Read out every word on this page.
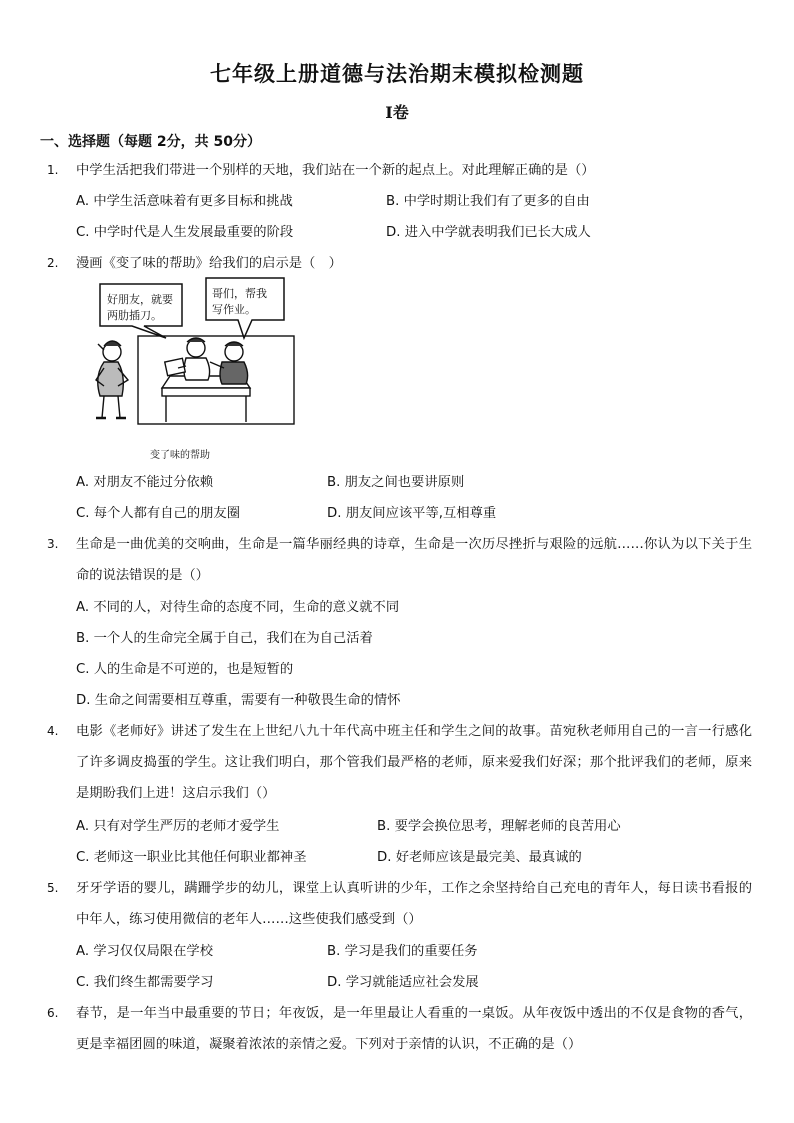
七年级上册道德与法治期末模拟检测题
Ⅰ卷
一、选择题（每题 2分，共 50分）
1. 中学生活把我们带进一个别样的天地，我们站在一个新的起点上。对此理解正确的是（）
A. 中学生活意味着有更多目标和挑战	B. 中学时期让我们有了更多的自由
C. 中学时代是人生发展最重要的阶段	D. 进入中学就表明我们已长大成人
2. 漫画《变了味的帮助》给我们的启示是（　）
好朋友，就要
两肋插刀。
哥们，帮我
写作业。
变了味的帮助
A. 对朋友不能过分依赖	B. 朋友之间也要讲原则
C. 每个人都有自己的朋友圈	D. 朋友间应该平等,互相尊重
3. 生命是一曲优美的交响曲，生命是一篇华丽经典的诗章，生命是一次历尽挫折与艰险的远航……你认为以下关于生命的说法错误的是（）
A. 不同的人，对待生命的态度不同，生命的意义就不同
B. 一个人的生命完全属于自己，我们在为自己活着
C. 人的生命是不可逆的，也是短暂的
D. 生命之间需要相互尊重，需要有一种敬畏生命的情怀
4. 电影《老师好》讲述了发生在上世纪八九十年代高中班主任和学生之间的故事。苗宛秋老师用自己的一言一行感化了许多调皮捣蛋的学生。这让我们明白，那个管我们最严格的老师，原来爱我们好深；那个批评我们的老师，原来是期盼我们上进！这启示我们（）
A. 只有对学生严厉的老师才爱学生	B. 要学会换位思考，理解老师的良苦用心
C. 老师这一职业比其他任何职业都神圣	D. 好老师应该是最完美、最真诚的
5. 牙牙学语的婴儿，蹒跚学步的幼儿，课堂上认真听讲的少年，工作之余坚持给自己充电的青年人，每日读书看报的中年人，练习使用微信的老年人……这些使我们感受到（）
A. 学习仅仅局限在学校	B. 学习是我们的重要任务
C. 我们终生都需要学习	D. 学习就能适应社会发展
6. 春节，是一年当中最重要的节日；年夜饭，是一年里最让人看重的一桌饭。从年夜饭中透出的不仅是食物的香气，更是幸福团圆的味道，凝聚着浓浓的亲情之爱。下列对于亲情的认识，不正确的是（）
